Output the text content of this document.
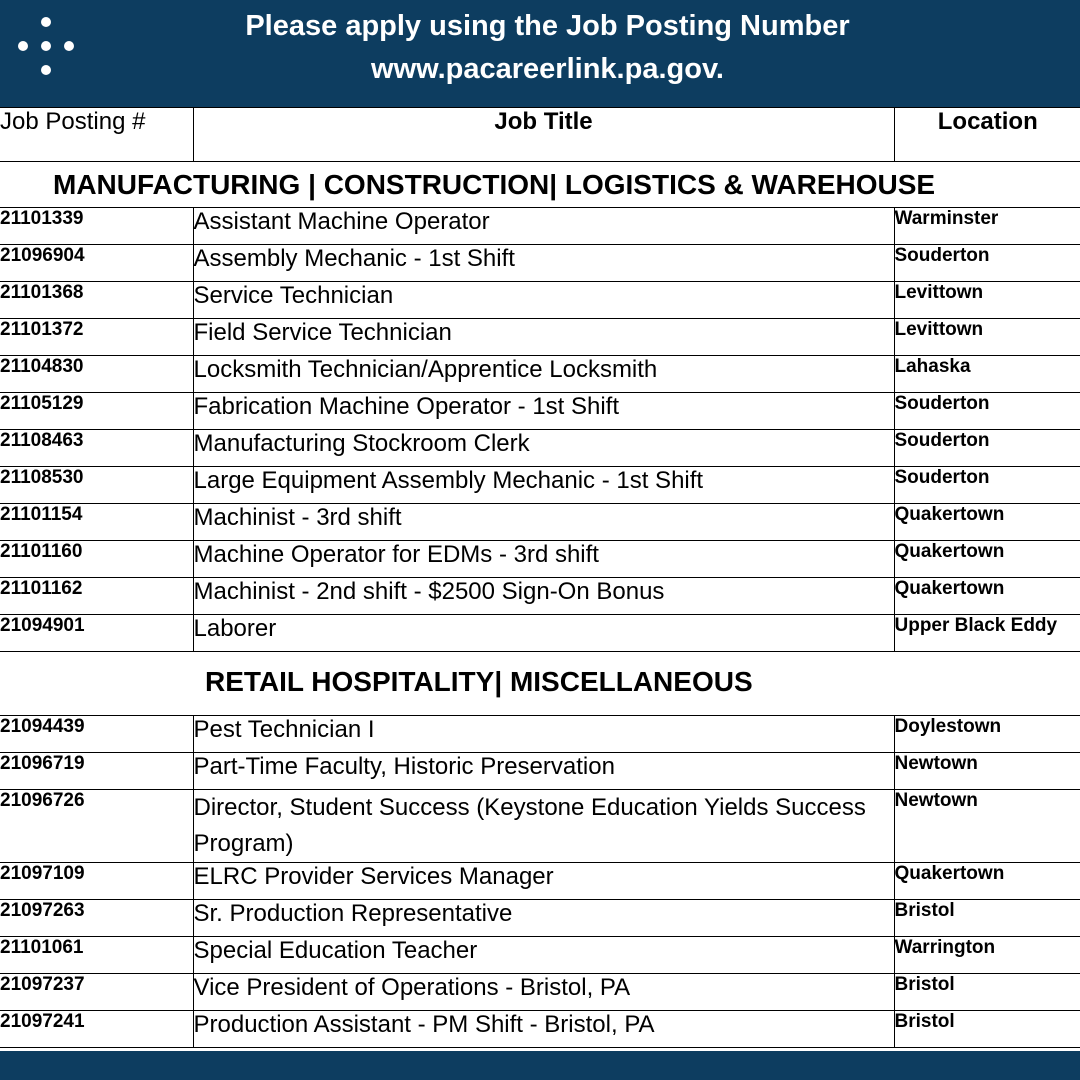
Please apply using the Job Posting Number
www.pacareerlink.pa.gov.
Job Posting #	Job Title	Location
MANUFACTURING | CONSTRUCTION| LOGISTICS & WAREHOUSE		
21101339	Assistant Machine Operator	Warminster
21096904	Assembly Mechanic - 1st Shift	Souderton
21101368	Service Technician	Levittown
21101372	Field Service Technician	Levittown
21104830	Locksmith Technician/Apprentice Locksmith	Lahaska
21105129	Fabrication Machine Operator - 1st Shift	Souderton
21108463	Manufacturing Stockroom Clerk	Souderton
21108530	Large Equipment Assembly Mechanic - 1st Shift	Souderton
21101154	Machinist - 3rd shift	Quakertown
21101160	Machine Operator for EDMs - 3rd shift	Quakertown
21101162	Machinist - 2nd shift - $2500 Sign-On Bonus	Quakertown
21094901	Laborer	Upper Black Eddy
RETAIL HOSPITALITY| MISCELLANEOUS		
21094439	Pest Technician I	Doylestown
21096719	Part-Time Faculty, Historic Preservation	Newtown
21096726	Director, Student Success (Keystone Education Yields Success Program)	Newtown
21097109	ELRC Provider Services Manager	Quakertown
21097263	Sr. Production Representative	Bristol
21101061	Special Education Teacher	Warrington
21097237	Vice President of Operations - Bristol, PA	Bristol
21097241	Production Assistant - PM Shift - Bristol, PA	Bristol
